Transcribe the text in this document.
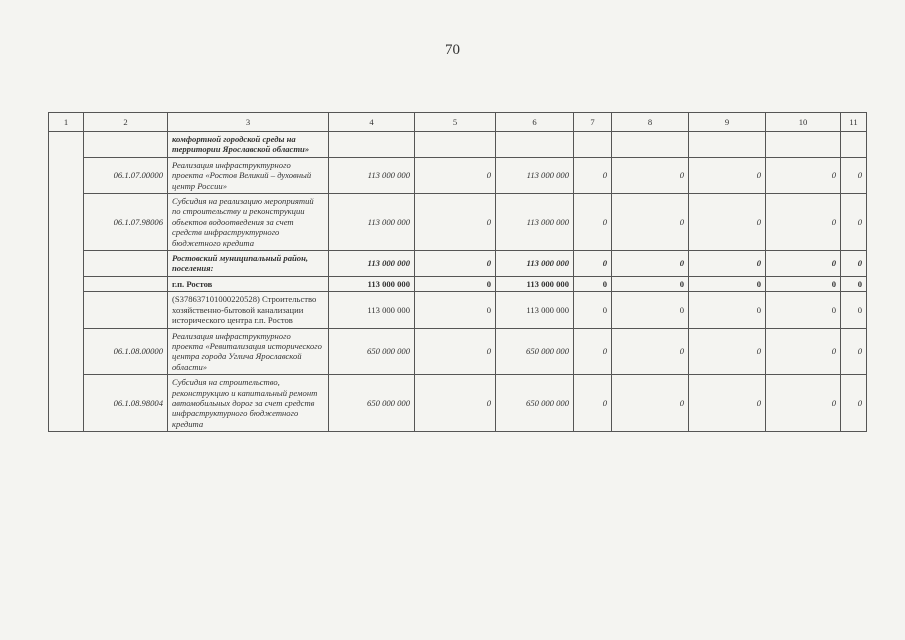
70
1	2	3	4	5	6	7	8	9	10	11
		комфортной городской среды на территории Ярославской области»								
	06.1.07.00000	Реализация инфраструктурного проекта «Ростов Великий – духовный центр России»	113 000 000	0	113 000 000	0	0	0	0	0
	06.1.07.98006	Субсидия на реализацию мероприятий по строительству и реконструкции объектов водоотведения за счет средств инфраструктурного бюджетного кредита	113 000 000	0	113 000 000	0	0	0	0	0
		Ростовский муниципальный район, поселения:	113 000 000	0	113 000 000	0	0	0	0	0
		г.п. Ростов	113 000 000	0	113 000 000	0	0	0	0	0
		(S378637101000220528) Строительство хозяйственно-бытовой канализации исторического центра г.п. Ростов	113 000 000	0	113 000 000	0	0	0	0	0
	06.1.08.00000	Реализация инфраструктурного проекта «Ревитализация исторического центра города Углича Ярославской области»	650 000 000	0	650 000 000	0	0	0	0	0
	06.1.08.98004	Субсидия на строительство, реконструкцию и капитальный ремонт автомобильных дорог за счет средств инфраструктурного бюджетного кредита	650 000 000	0	650 000 000	0	0	0	0	0
